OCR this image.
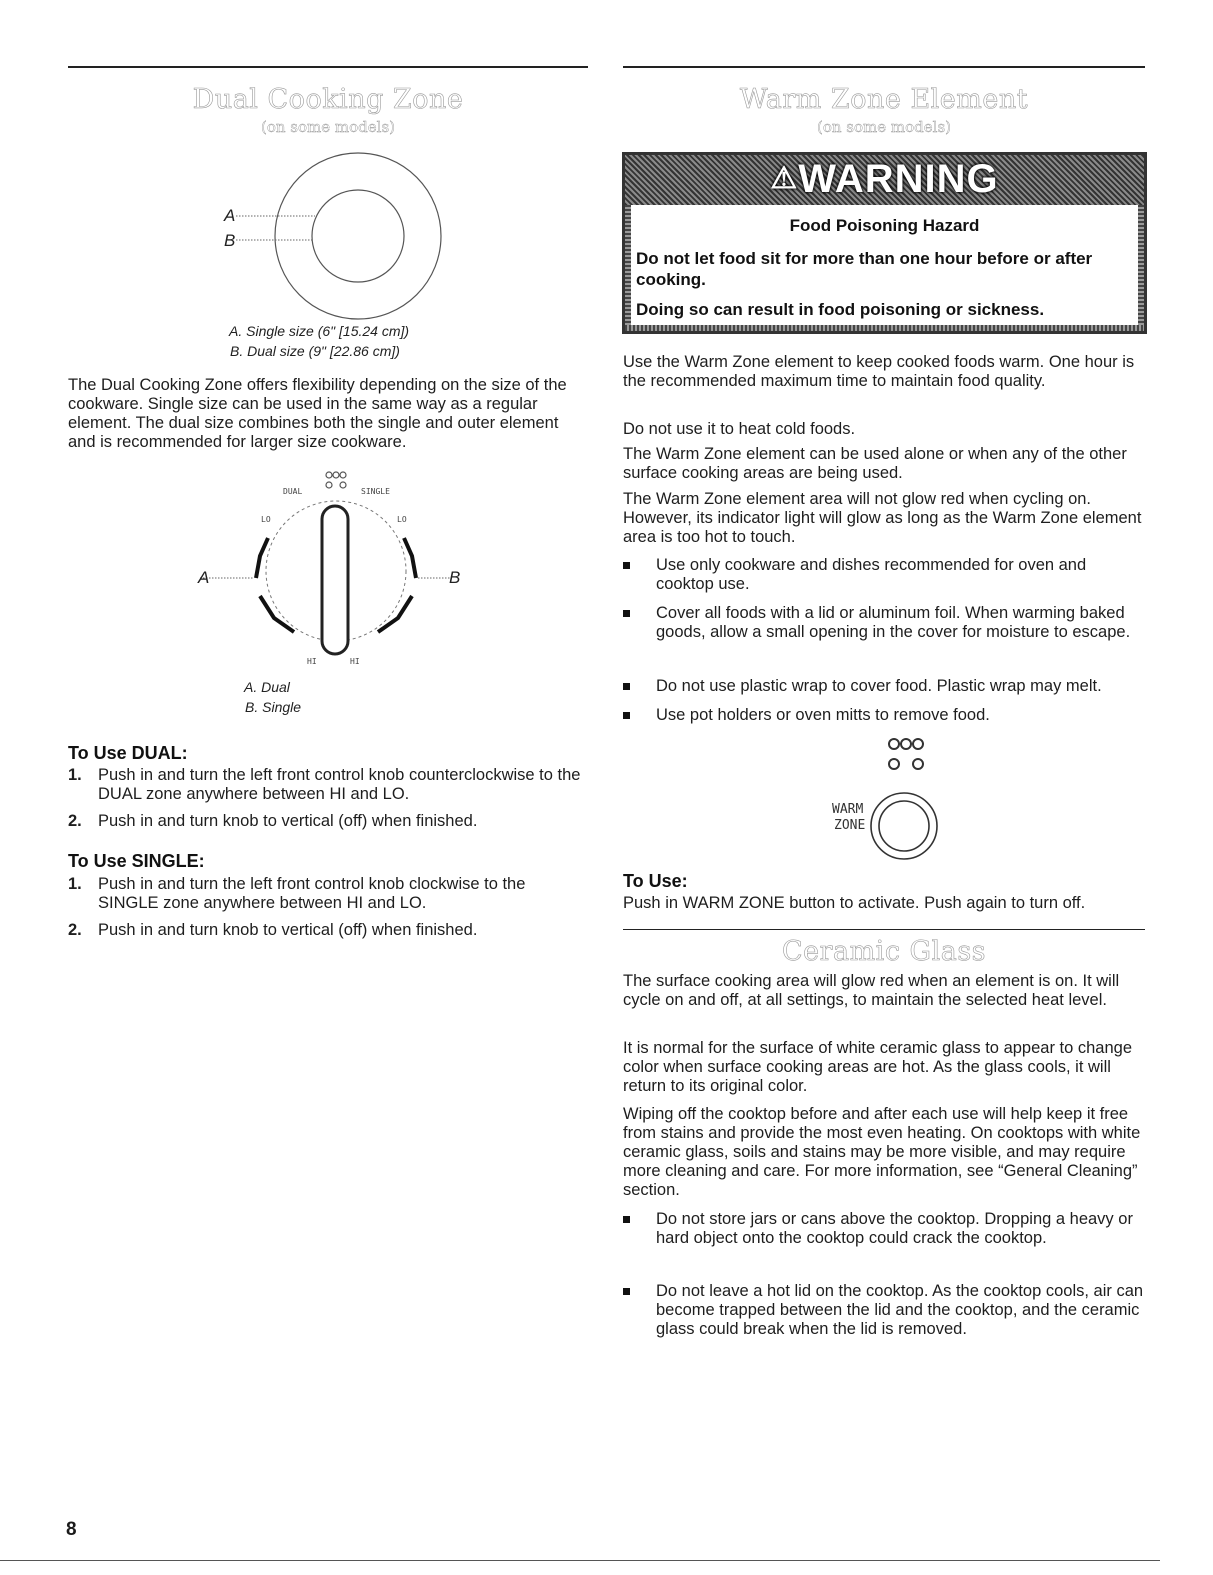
Dual Cooking Zone
(on some models)
A
B
A. Single size (6" [15.24 cm])
B. Dual size (9" [22.86 cm])

The Dual Cooking Zone offers flexibility depending on the size of the cookware. Single size can be used in the same way as a regular element. The dual size combines both the single and outer element and is recommended for larger size cookware.

DUAL	SINGLE
LO	LO
HI	HI
A	B
A. Dual
B. Single
To Use DUAL:
1. Push in and turn the left front control knob counterclockwise to the DUAL zone anywhere between HI and LO.
2. Push in and turn knob to vertical (off) when finished.
To Use SINGLE:
1. Push in and turn the left front control knob clockwise to the SINGLE zone anywhere between HI and LO.
2. Push in and turn knob to vertical (off) when finished.
Warm Zone Element
(on some models)
⚠WARNING
Food Poisoning Hazard
Do not let food sit for more than one hour before or after cooking.
Doing so can result in food poisoning or sickness.

Use the Warm Zone element to keep cooked foods warm. One hour is the recommended maximum time to maintain food quality.

Do not use it to heat cold foods.

The Warm Zone element can be used alone or when any of the other surface cooking areas are being used.

The Warm Zone element area will not glow red when cycling on. However, its indicator light will glow as long as the Warm Zone element area is too hot to touch.

Use only cookware and dishes recommended for oven and cooktop use.
Cover all foods with a lid or aluminum foil. When warming baked goods, allow a small opening in the cover for moisture to escape.
Do not use plastic wrap to cover food. Plastic wrap may melt.
Use pot holders or oven mitts to remove food.
WARM
ZONE
To Use:

Push in WARM ZONE button to activate. Push again to turn off.

Ceramic Glass

The surface cooking area will glow red when an element is on. It will cycle on and off, at all settings, to maintain the selected heat level.

It is normal for the surface of white ceramic glass to appear to change color when surface cooking areas are hot. As the glass cools, it will return to its original color.

Wiping off the cooktop before and after each use will help keep it free from stains and provide the most even heating. On cooktops with white ceramic glass, soils and stains may be more visible, and may require more cleaning and care. For more information, see “General Cleaning” section.

Do not store jars or cans above the cooktop. Dropping a heavy or hard object onto the cooktop could crack the cooktop.
Do not leave a hot lid on the cooktop. As the cooktop cools, air can become trapped between the lid and the cooktop, and the ceramic glass could break when the lid is removed.
8
